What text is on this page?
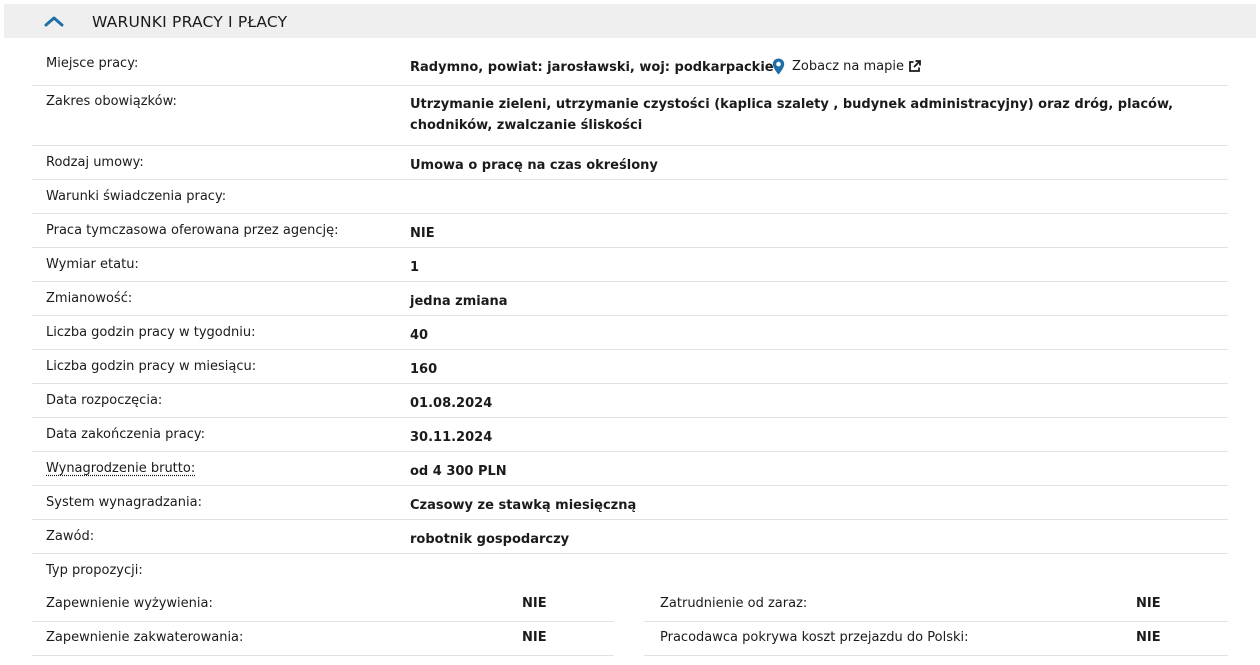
WARUNKI PRACY I PŁACY
Miejsce pracy:	Radymno, powiat: jarosławski, woj: podkarpackie	Zobacz na mapie
Zakres obowiązków:	Utrzymanie zieleni, utrzymanie czystości (kaplica szalety , budynek administracyjny) oraz dróg, placów, chodników, zwalczanie śliskości
Rodzaj umowy:	Umowa o pracę na czas określony
Warunki świadczenia pracy:
Praca tymczasowa oferowana przez agencję:	NIE
Wymiar etatu:	1
Zmianowość:	jedna zmiana
Liczba godzin pracy w tygodniu:	40
Liczba godzin pracy w miesiącu:	160
Data rozpoczęcia:	01.08.2024
Data zakończenia pracy:	30.11.2024
Wynagrodzenie brutto:	od 4 300 PLN
System wynagradzania:	Czasowy ze stawką miesięczną
Zawód:	robotnik gospodarczy
Typ propozycji:
Zapewnienie wyżywienia:	NIE
Zapewnienie zakwaterowania:	NIE
Zatrudnienie od zaraz:	NIE
Pracodawca pokrywa koszt przejazdu do Polski:	NIE
